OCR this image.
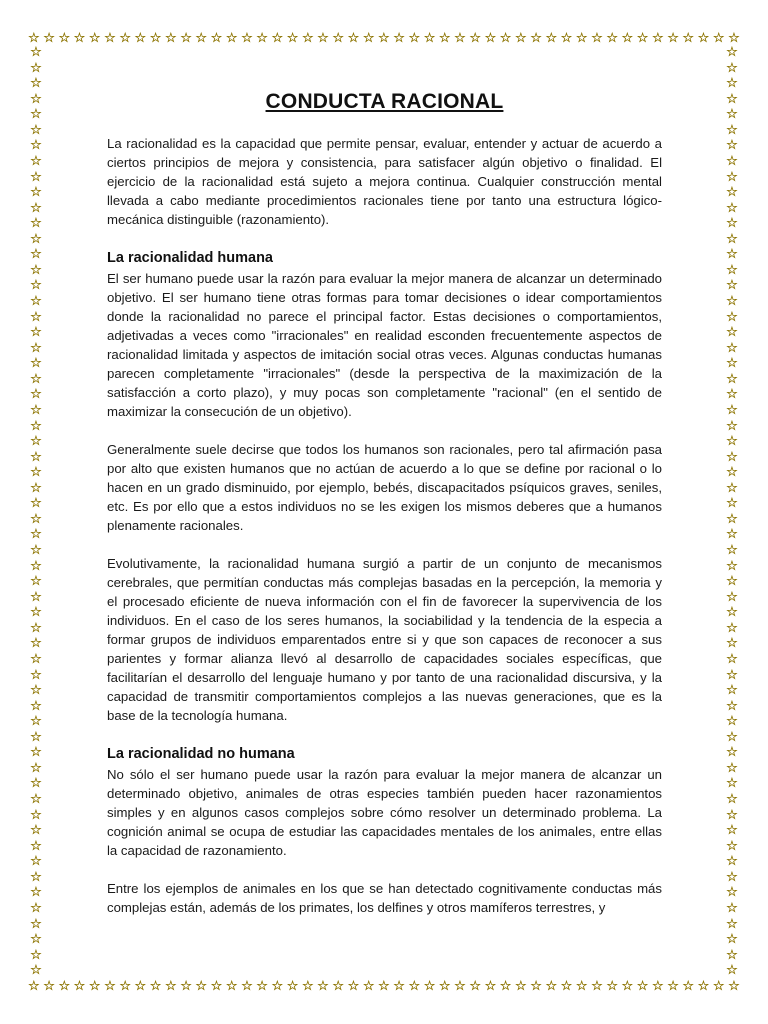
☆ ☆ ☆ ☆ ☆ ☆ ☆ ☆ ☆ ☆ ☆ ☆ ☆ ☆ ☆ ☆ ☆ ☆ ☆ ☆ ☆ ☆ ☆ ☆ ☆ ☆ ☆ ☆ ☆ ☆ ☆ ☆ ☆ ☆ ☆ ☆ ☆ ☆ ☆ ☆ ☆ ☆ ☆ ☆ ☆ ☆ ☆
☆ ☆ ☆ ☆ ☆ ☆ ☆ ☆ ☆ ☆ ☆ ☆ ☆ ☆ ☆ ☆ ☆ ☆ ☆ ☆ ☆ ☆ ☆ ☆ ☆ ☆ ☆ ☆ ☆ ☆ ☆ ☆ ☆ ☆ ☆ ☆ ☆ ☆ ☆ ☆ ☆ ☆ ☆ ☆ ☆ ☆ ☆
☆
☆
☆
☆
☆
☆
☆
☆
☆
☆
☆
☆
☆
☆
☆
☆
☆
☆
☆
☆
☆
☆
☆
☆
☆
☆
☆
☆
☆
☆
☆
☆
☆
☆
☆
☆
☆
☆
☆
☆
☆
☆
☆
☆
☆
☆
☆
☆
☆
☆
☆
☆
☆
☆
☆
☆
☆
☆
☆
☆
☆
☆
☆
☆
☆
☆
☆
☆
☆
☆
☆
☆
☆
☆
☆
☆
☆
☆
☆
☆
☆
☆
☆
☆
☆
☆
☆
☆
☆
☆
☆
☆
☆
☆
☆
☆
☆
☆
☆
☆
☆
☆
☆
☆
☆
☆
☆
☆
☆
☆
☆
☆
☆
☆
☆
☆
☆
☆
☆
☆
CONDUCTA RACIONAL

La racionalidad es la capacidad que permite pensar, evaluar, entender y actuar de acuerdo a ciertos principios de mejora y consistencia, para satisfacer algún objetivo o finalidad. El ejercicio de la racionalidad está sujeto a mejora continua. Cualquier construcción mental llevada a cabo mediante procedimientos racionales tiene por tanto una estructura lógico-mecánica distinguible (razonamiento).

La racionalidad humana

El ser humano puede usar la razón para evaluar la mejor manera de alcanzar un determinado objetivo. El ser humano tiene otras formas para tomar decisiones o idear comportamientos donde la racionalidad no parece el principal factor. Estas decisiones o comportamientos, adjetivadas a veces como "irracionales" en realidad esconden frecuentemente aspectos de racionalidad limitada y aspectos de imitación social otras veces. Algunas conductas humanas parecen completamente "irracionales" (desde la perspectiva de la maximización de la satisfacción a corto plazo), y muy pocas son completamente "racional" (en el sentido de maximizar la consecución de un objetivo).

Generalmente suele decirse que todos los humanos son racionales, pero tal afirmación pasa por alto que existen humanos que no actúan de acuerdo a lo que se define por racional o lo hacen en un grado disminuido, por ejemplo, bebés, discapacitados psíquicos graves, seniles, etc. Es por ello que a estos individuos no se les exigen los mismos deberes que a humanos plenamente racionales.

Evolutivamente, la racionalidad humana surgió a partir de un conjunto de mecanismos cerebrales, que permitían conductas más complejas basadas en la percepción, la memoria y el procesado eficiente de nueva información con el fin de favorecer la supervivencia de los individuos. En el caso de los seres humanos, la sociabilidad y la tendencia de la especia a formar grupos de individuos emparentados entre si y que son capaces de reconocer a sus parientes y formar alianza llevó al desarrollo de capacidades sociales específicas, que facilitarían el desarrollo del lenguaje humano y por tanto de una racionalidad discursiva, y la capacidad de transmitir comportamientos complejos a las nuevas generaciones, que es la base de la tecnología humana.

La racionalidad no humana

No sólo el ser humano puede usar la razón para evaluar la mejor manera de alcanzar un determinado objetivo, animales de otras especies también pueden hacer razonamientos simples y en algunos casos complejos sobre cómo resolver un determinado problema. La cognición animal se ocupa de estudiar las capacidades mentales de los animales, entre ellas la capacidad de razonamiento.

Entre los ejemplos de animales en los que se han detectado cognitivamente conductas más complejas están, además de los primates, los delfines y otros mamíferos terrestres, y
